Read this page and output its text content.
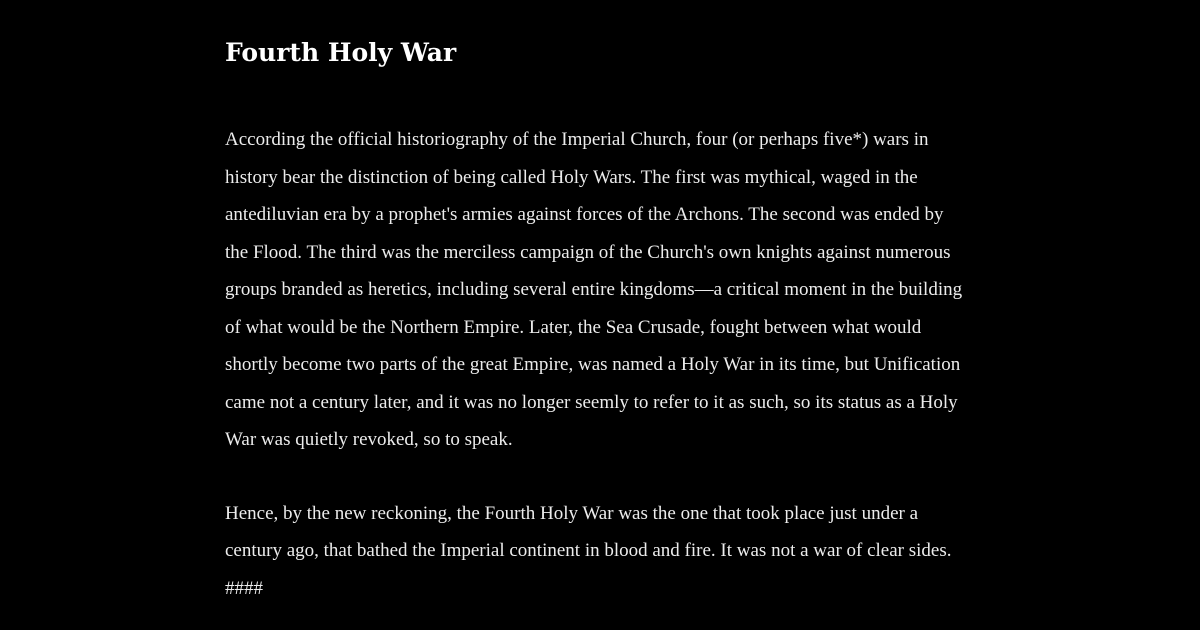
Fourth Holy War

According the official historiography of the Imperial Church, four (or perhaps five*) wars in history bear the distinction of being called Holy Wars. The first was mythical, waged in the antediluvian era by a prophet's armies against forces of the Archons. The second was ended by the Flood. The third was the merciless campaign of the Church's own knights against numerous groups branded as heretics, including several entire kingdoms—a critical moment in the building of what would be the Northern Empire. Later, the Sea Crusade, fought between what would shortly become two parts of the great Empire, was named a Holy War in its time, but Unification came not a century later, and it was no longer seemly to refer to it as such, so its status as a Holy War was quietly revoked, so to speak.

Hence, by the new reckoning, the Fourth Holy War was the one that took place just under a century ago, that bathed the Imperial continent in blood and fire. It was not a war of clear sides. ####
